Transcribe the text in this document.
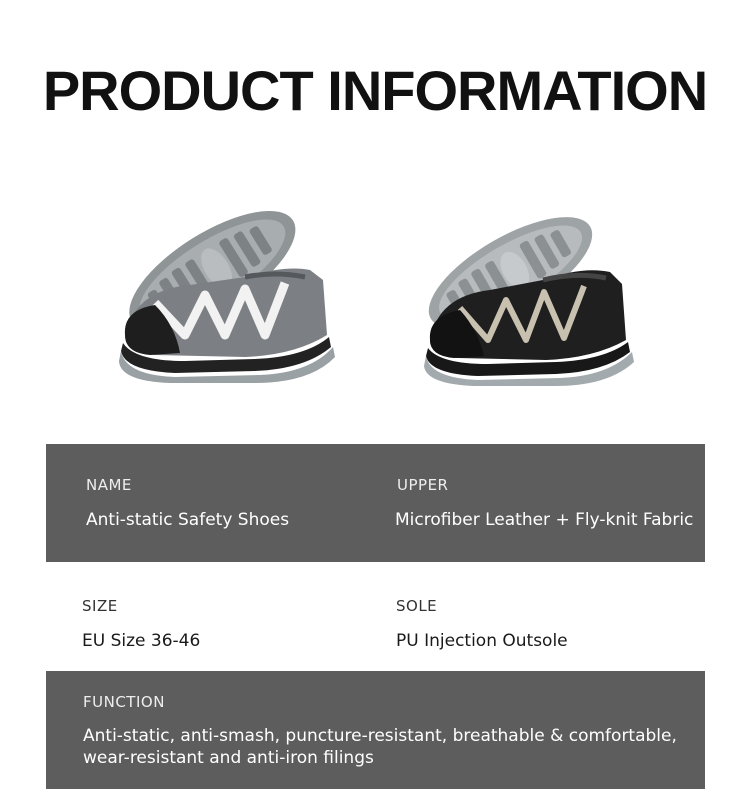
PRODUCT INFORMATION
NAME
Anti-static Safety Shoes
UPPER
Microfiber Leather + Fly-knit Fabric
SIZE
EU Size 36-46
SOLE
PU Injection Outsole
FUNCTION
Anti-static, anti-smash, puncture-resistant, breathable & comfortable,
wear-resistant and anti-iron filings
